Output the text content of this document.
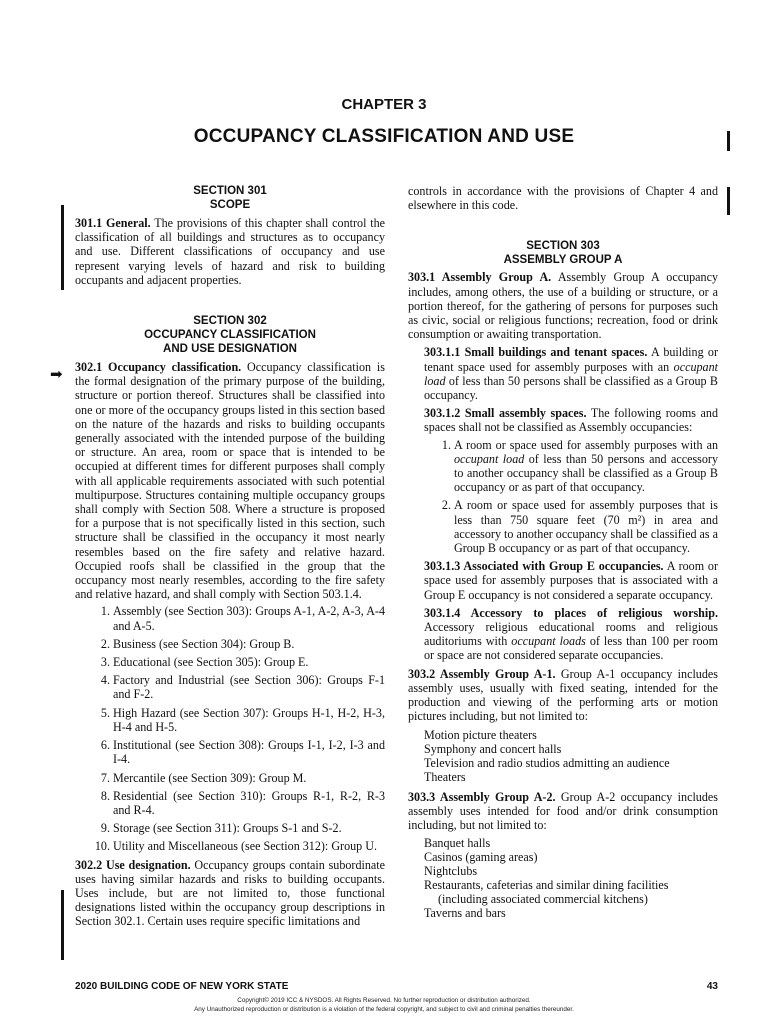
CHAPTER 3
OCCUPANCY CLASSIFICATION AND USE
➡

SECTION 301

SCOPE

301.1 General. The provisions of this chapter shall control the classification of all buildings and structures as to occupancy and use. Different classifications of occupancy and use represent varying levels of hazard and risk to building occupants and adjacent properties.

SECTION 302

OCCUPANCY CLASSIFICATION

AND USE DESIGNATION

302.1 Occupancy classification. Occupancy classification is the formal designation of the primary purpose of the building, structure or portion thereof. Structures shall be classified into one or more of the occupancy groups listed in this section based on the nature of the hazards and risks to building occupants generally associated with the intended purpose of the building or structure. An area, room or space that is intended to be occupied at different times for different purposes shall comply with all applicable requirements associated with such potential multipurpose. Structures containing multiple occupancy groups shall comply with Section 508. Where a structure is proposed for a purpose that is not specifically listed in this section, such structure shall be classified in the occupancy it most nearly resembles based on the fire safety and relative hazard. Occupied roofs shall be classified in the group that the occupancy most nearly resembles, according to the fire safety and relative hazard, and shall comply with Section 503.1.4.

1. Assembly (see Section 303): Groups A-1, A-2, A-3, A-4 and A-5.
2. Business (see Section 304): Group B.
3. Educational (see Section 305): Group E.
4. Factory and Industrial (see Section 306): Groups F-1 and F-2.
5. High Hazard (see Section 307): Groups H-1, H-2, H-3, H-4 and H-5.
6. Institutional (see Section 308): Groups I-1, I-2, I-3 and I-4.
7. Mercantile (see Section 309): Group M.
8. Residential (see Section 310): Groups R-1, R-2, R-3 and R-4.
9. Storage (see Section 311): Groups S-1 and S-2.
10. Utility and Miscellaneous (see Section 312): Group U.

302.2 Use designation. Occupancy groups contain subordinate uses having similar hazards and risks to building occupants. Uses include, but are not limited to, those functional designations listed within the occupancy group descriptions in Section 302.1. Certain uses require specific limitations and

controls in accordance with the provisions of Chapter 4 and elsewhere in this code.

SECTION 303

ASSEMBLY GROUP A

303.1 Assembly Group A. Assembly Group A occupancy includes, among others, the use of a building or structure, or a portion thereof, for the gathering of persons for purposes such as civic, social or religious functions; recreation, food or drink consumption or awaiting transportation.

303.1.1 Small buildings and tenant spaces. A building or tenant space used for assembly purposes with an occupant load of less than 50 persons shall be classified as a Group B occupancy.

303.1.2 Small assembly spaces. The following rooms and spaces shall not be classified as Assembly occupancies:

1. A room or space used for assembly purposes with an occupant load of less than 50 persons and accessory to another occupancy shall be classified as a Group B occupancy or as part of that occupancy.
2. A room or space used for assembly purposes that is less than 750 square feet (70 m²) in area and accessory to another occupancy shall be classified as a Group B occupancy or as part of that occupancy.

303.1.3 Associated with Group E occupancies. A room or space used for assembly purposes that is associated with a Group E occupancy is not considered a separate occupancy.

303.1.4 Accessory to places of religious worship. Accessory religious educational rooms and religious auditoriums with occupant loads of less than 100 per room or space are not considered separate occupancies.

303.2 Assembly Group A-1. Group A-1 occupancy includes assembly uses, usually with fixed seating, intended for the production and viewing of the performing arts or motion pictures including, but not limited to:

Motion picture theaters
Symphony and concert halls
Television and radio studios admitting an audience
Theaters

303.3 Assembly Group A-2. Group A-2 occupancy includes assembly uses intended for food and/or drink consumption including, but not limited to:

Banquet halls
Casinos (gaming areas)
Nightclubs
Restaurants, cafeterias and similar dining facilities
(including associated commercial kitchens)
Taverns and bars
2020 BUILDING CODE OF NEW YORK STATE	43
Copyright© 2019 ICC & NYSDOS. All Rights Reserved. No further reproduction or distribution authorized.
Any Unauthorized reproduction or distribution is a violation of the federal copyright, and subject to civil and criminal penalties thereunder.
